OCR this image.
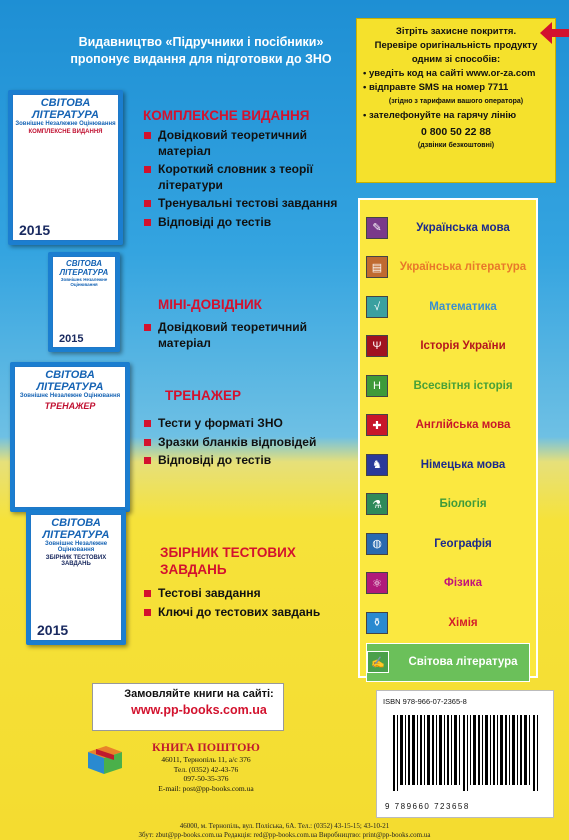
Видавництво «Підручники і посібники»
пропонує видання для підготовки до ЗНО
Зітріть захисне покриття.
Перевіре оригінальність продукту
одним зі способів:
• уведіть код на сайті www.or-za.com
• відправте SMS на номер 7711
(згідно з тарифами вашого оператора)
• зателефонуйте на гарячу лінію
0 800 50 22 88
(дзвінки безкоштовні)
СВІТОВА ЛІТЕРАТУРА
Зовнішнє Незалежне Оцінювання
КОМПЛЕКСНЕ ВИДАННЯ
2015
СВІТОВА ЛІТЕРАТУРА
Зовнішнє Незалежне Оцінювання
2015
СВІТОВА ЛІТЕРАТУРА
Зовнішнє Незалежне Оцінювання
ТРЕНАЖЕР
СВІТОВА ЛІТЕРАТУРА
Зовнішнє Незалежне Оцінювання
ЗБІРНИК ТЕСТОВИХ ЗАВДАНЬ
2015
КОМПЛЕКСНЕ ВИДАННЯ
Довідковий теоретичний матеріал
Короткий словник з теорії літератури
Тренувальні тестові завдання
Відповіді до тестів
МІНІ-ДОВІДНИК
Довідковий теоретичний матеріал
ТРЕНАЖЕР
Тести у форматі ЗНО
Зразки бланків відповідей
Відповіді до тестів
ЗБІРНИК ТЕСТОВИХ ЗАВДАНЬ
Тестові завдання
Ключі до тестових завдань
✎	Українська мова
▤	Українська література
√	Математика
Ψ	Історія України
H	Всесвітня історія
✚	Англійська мова
♞	Німецька мова
⚗	Біологія
◍	Географія
⚛	Фізика
⚱	Хімія
✍	Світова література
Замовляйте книги на сайті:
www.pp-books.com.ua
КНИГА ПОШТОЮ
46011, Тернопіль 11, а/с 376
Тел. (0352) 42-43-76
097-50-35-376
E-mail: post@pp-books.com.ua
ISBN 978-966-07-2365-8
9 789660 723658
46000, м. Тернопіль, вул. Поліська, 6А. Тел.: (0352) 43-15-15; 43-10-21
Збут: zbut@pp-books.com.ua Редакція: red@pp-books.com.ua Виробництво: print@pp-books.com.ua
